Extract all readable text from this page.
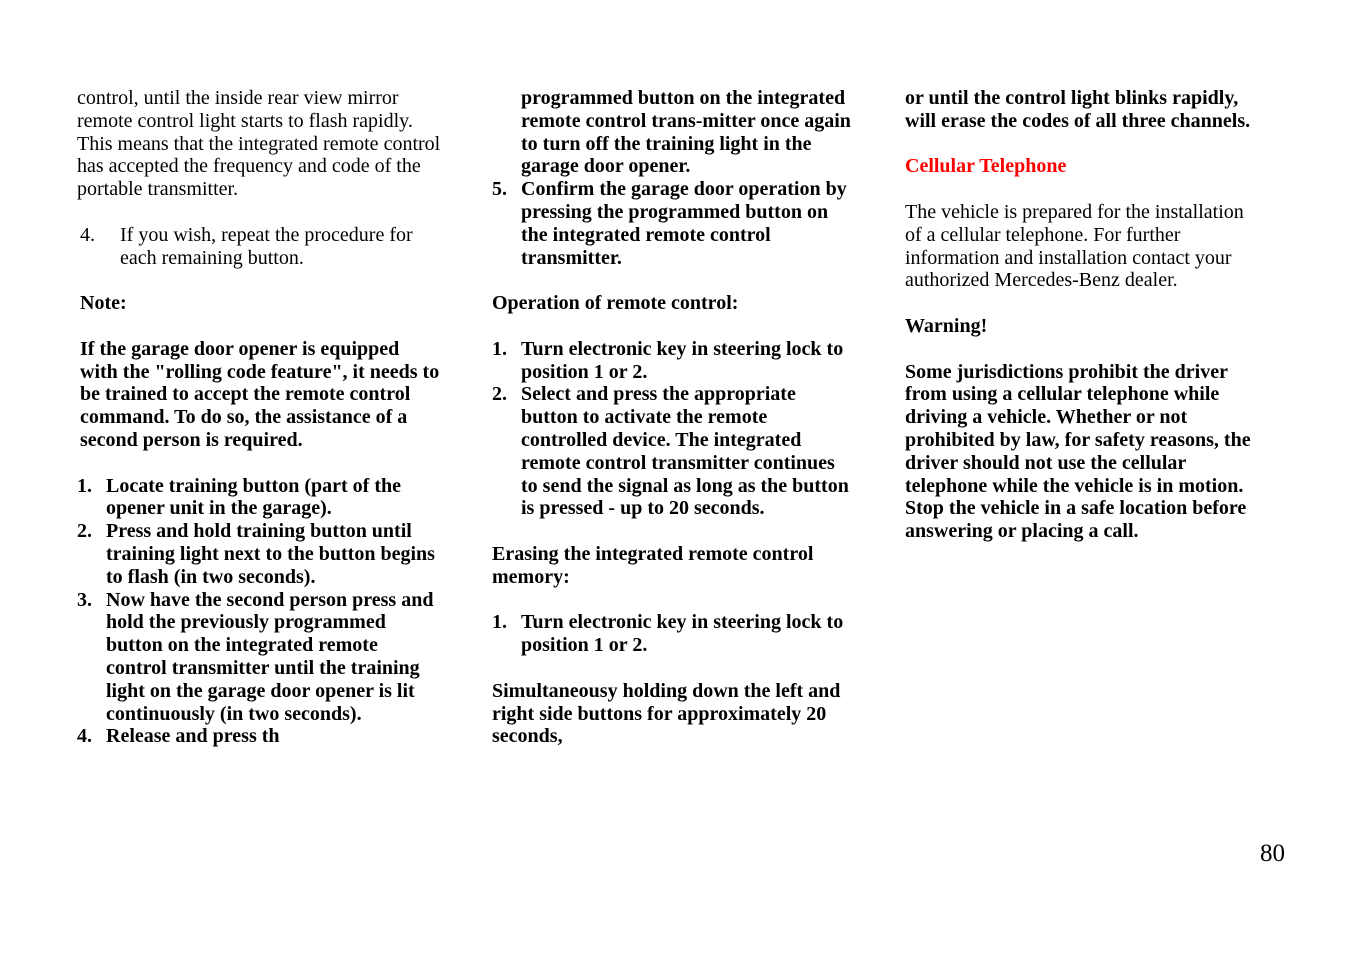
control, until the inside rear view mirror remote control light starts to flash rapidly. This means that the integrated remote control has accepted the frequency and code of the portable transmitter.

4. If you wish, repeat the procedure for each remaining button.

Note:

If the garage door opener is equipped with the "rolling code feature", it needs to be trained to accept the remote control command. To do so, the assistance of a second person is required.

1. Locate training button (part of the opener unit in the garage).
2. Press and hold training button until training light next to the button begins to flash (in two seconds).
3. Now have the second person press and hold the previously programmed button on the integrated remote control transmitter until the training light on the garage door opener is lit continuously (in two seconds).
4. Release and press th

programmed button on the integrated remote control trans-mitter once again to turn off the training light in the garage door opener.

5. Confirm the garage door operation by pressing the programmed button on the integrated remote control transmitter.

Operation of remote control:

1. Turn electronic key in steering lock to position 1 or 2.
2. Select and press the appropriate button to activate the remote controlled device. The integrated remote control transmitter continues to send the signal as long as the button is pressed - up to 20 seconds.

Erasing the integrated remote control memory:

1. Turn electronic key in steering lock to position 1 or 2.

Simultaneousy holding down the left and right side buttons for approximately 20 seconds,

or until the control light blinks rapidly, will erase the codes of all three channels.

Cellular Telephone

The vehicle is prepared for the installation of a cellular telephone. For further information and installation contact your authorized Mercedes-Benz dealer.

Warning!

Some jurisdictions prohibit the driver from using a cellular telephone while driving a vehicle. Whether or not prohibited by law, for safety reasons, the driver should not use the cellular telephone while the vehicle is in motion. Stop the vehicle in a safe location before answering or placing a call.

80
